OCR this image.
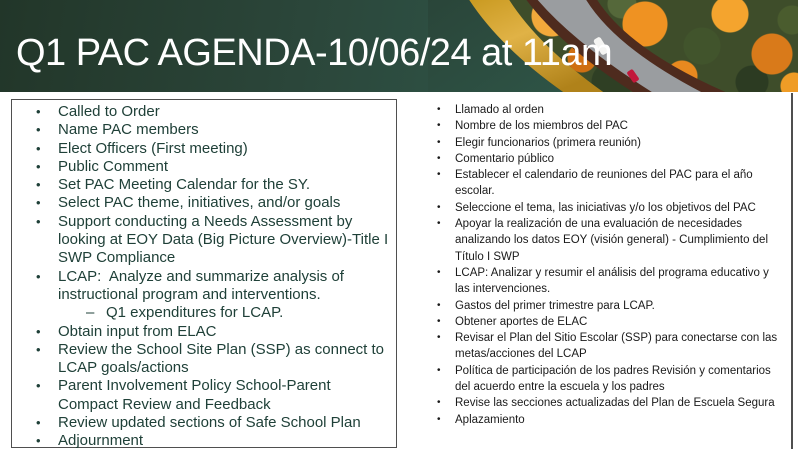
Q1 PAC AGENDA-10/06/24 at 11am
•	Called to Order
•	Name PAC members
•	Elect Officers (First meeting)
•	Public Comment
•	Set PAC Meeting Calendar for the SY.
•	Select PAC theme, initiatives, and/or goals
•	Support conducting a Needs Assessment by looking at EOY Data (Big Picture Overview)-Title I SWP Compliance
•	LCAP:  Analyze and summarize analysis of instructional program and interventions.
– Q1 expenditures for LCAP.
•	Obtain input from ELAC
•	Review the School Site Plan (SSP) as connect to LCAP goals/actions
•	Parent Involvement Policy School-Parent Compact Review and Feedback
•	Review updated sections of Safe School Plan
•	Adjournment
•	Llamado al orden
•	Nombre de los miembros del PAC
•	Elegir funcionarios (primera reunión)
•	Comentario público
•	Establecer el calendario de reuniones del PAC para el año escolar.
•	Seleccione el tema, las iniciativas y/o los objetivos del PAC
•	Apoyar la realización de una evaluación de necesidades analizando los datos EOY (visión general) - Cumplimiento del Título I SWP
•	LCAP: Analizar y resumir el análisis del programa educativo y las intervenciones.
•	Gastos del primer trimestre para LCAP.
•	Obtener aportes de ELAC
•	Revisar el Plan del Sitio Escolar (SSP) para conectarse con las metas/acciones del LCAP
•	Política de participación de los padres Revisión y comentarios del acuerdo entre la escuela y los padres
•	Revise las secciones actualizadas del Plan de Escuela Segura
•	Aplazamiento
